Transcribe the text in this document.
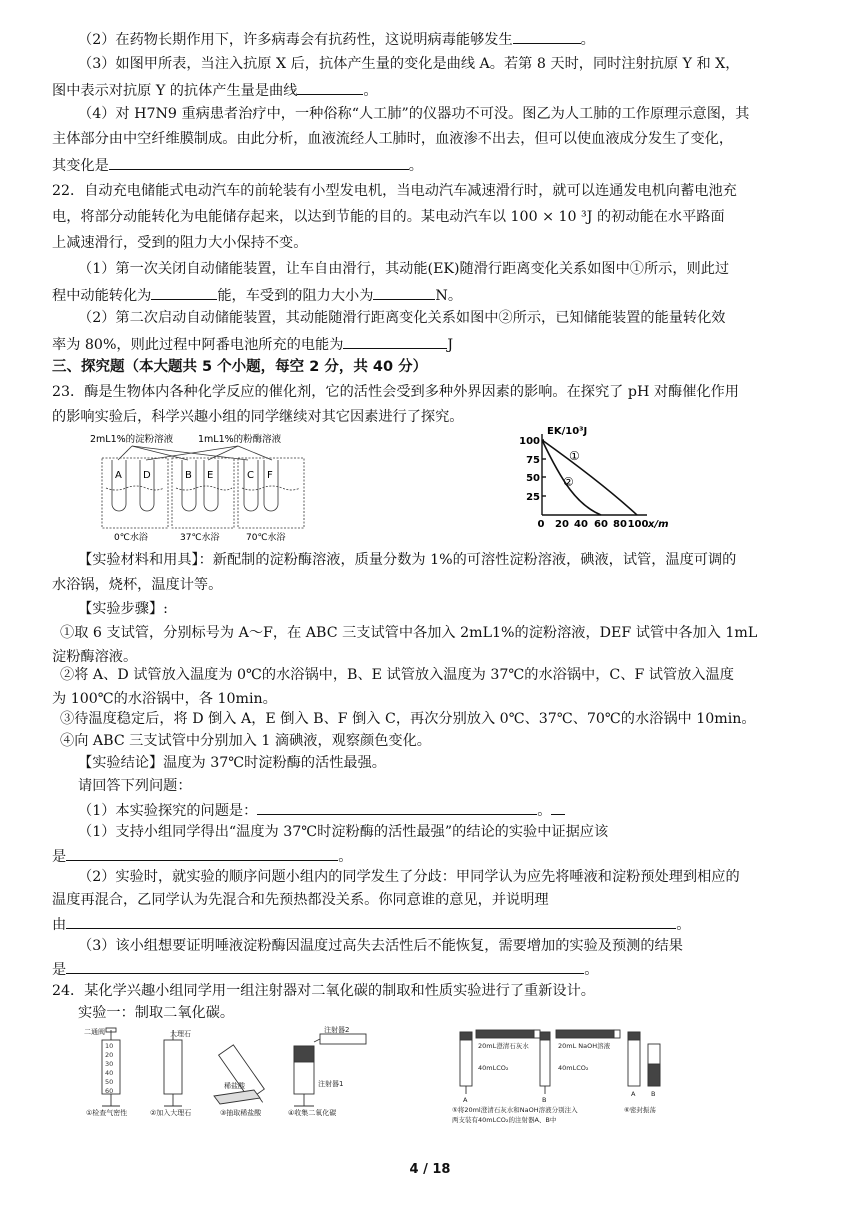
（2）在药物长期作用下，许多病毒会有抗药性，这说明病毒能够发生	。
（3）如图甲所表，当注入抗原 X 后，抗体产生量的变化是曲线 A。若第 8 天时，同时注射抗原 Y 和 X，
图中表示对抗原 Y 的抗体产生量是曲线	。
（4）对 H7N9 重病患者治疗中，一种俗称“人工肺”的仪器功不可没。图乙为人工肺的工作原理示意图，其
主体部分由中空纤维膜制成。由此分析，血液流经人工肺时，血液渗不出去，但可以使血液成分发生了变化，
其变化是	。
22．自动充电储能式电动汽车的前轮装有小型发电机，当电动汽车减速滑行时，就可以连通发电机向蓄电池充
电，将部分动能转化为电能储存起来，以达到节能的目的。某电动汽车以 100 × 10 ³J 的初动能在水平路面
上减速滑行，受到的阻力大小保持不变。
（1）第一次关闭自动储能装置，让车自由滑行，其动能(EK)随滑行距离变化关系如图中①所示，则此过
程中动能转化为	能，车受到的阻力大小为	N。
（2）第二次启动自动储能装置，其动能随滑行距离变化关系如图中②所示，已知储能装置的能量转化效
率为 80%，则此过程中阿番电池所充的电能为	J
三、探究题（本大题共 5 个小题，每空 2 分，共 40 分）
23．酶是生物体内各种化学反应的催化剂，它的活性会受到多种外界因素的影响。在探究了 pH 对酶催化作用
的影响实验后，科学兴趣小组的同学继续对其它因素进行了探究。
2mL1%的淀粉溶液	1mL1%的粉酶溶液
A D	B E	C F
0℃水浴	37℃水浴	70℃水浴
EK/10³J
100
75
50
25
0 20 40 60 80 100 x/m
①
②
【实验材料和用具】：新配制的淀粉酶溶液，质量分数为 1%的可溶性淀粉溶液，碘液，试管，温度可调的
水浴锅，烧杯，温度计等。
【实验步骤】:
①取 6 支试管，分别标号为 A～F，在 ABC 三支试管中各加入 2mL1%的淀粉溶液，DEF 试管中各加入 1mL
淀粉酶溶液。
②将 A、D 试管放入温度为 0℃的水浴锅中，B、E 试管放入温度为 37℃的水浴锅中，C、F 试管放入温度
为 100℃的水浴锅中，各 10min。
③待温度稳定后，将 D 倒入 A，E 倒入 B、F 倒入 C，再次分别放入 0℃、37℃、70℃的水浴锅中 10min。
④向 ABC 三支试管中分别加入 1 滴碘液，观察颜色变化。
【实验结论】温度为 37℃时淀粉酶的活性最强。
请回答下列问题：
（1）本实验探究的问题是：	。
（1）支持小组同学得出“温度为 37℃时淀粉酶的活性最强”的结论的实验中证据应该
是	。
（2）实验时，就实验的顺序问题小组内的同学发生了分歧：甲同学认为应先将唾液和淀粉预处理到相应的
温度再混合，乙同学认为先混合和先预热都没关系。你同意谁的意见，并说明理
由	。
（3）该小组想要证明唾液淀粉酶因温度过高失去活性后不能恢复，需要增加的实验及预测的结果
是	。
24．某化学兴趣小组同学用一组注射器对二氧化碳的制取和性质实验进行了重新设计。
实验一：制取二氧化碳。
10
20
30
40
50
60
二通阀	大理石
稀盐酸
注射器2
注射器1
①检查气密性	②加入大理石	③抽取稀盐酸	④收集二氧化碳
20mL澄清石灰水	20mL NaOH溶液
40mLCO₂	40mLCO₂
A	B
A B
⑤将20ml澄清石灰水和NaOH溶液分别注入
两支装有40mLCO₂的注射器A、B中
⑥密封振荡
4 / 18
